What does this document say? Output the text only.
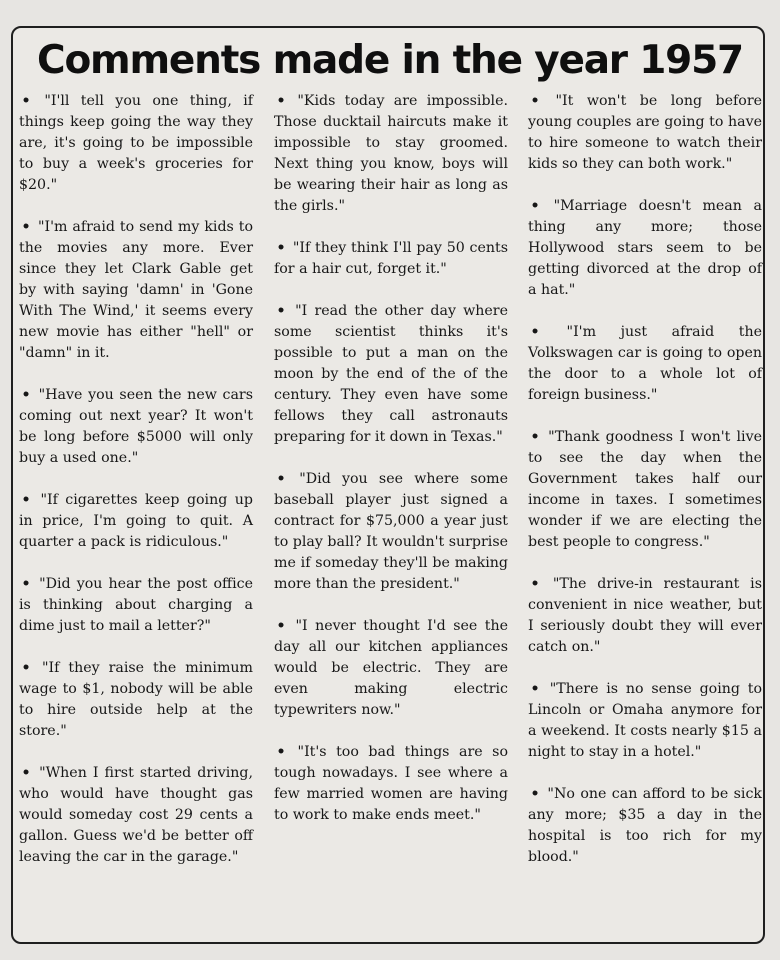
Comments made in the year 1957

• "I'll tell you one thing, if things keep going the way they are, it's going to be impossible to buy a week's groceries for $20."

• "I'm afraid to send my kids to the movies any more. Ever since they let Clark Gable get by with saying 'damn' in 'Gone With The Wind,' it seems every new movie has either "hell" or "damn" in it.

• "Have you seen the new cars coming out next year? It won't be long before $5000 will only buy a used one."

• "If cigarettes keep going up in price, I'm going to quit. A quarter a pack is ridiculous."

• "Did you hear the post office is thinking about charging a dime just to mail a letter?"

• "If they raise the minimum wage to $1, nobody will be able to hire outside help at the store."

• "When I first started driving, who would have thought gas would someday cost 29 cents a gallon. Guess we'd be better off leaving the car in the garage."

• "Kids today are impossible. Those ducktail haircuts make it impossible to stay groomed. Next thing you know, boys will be wearing their hair as long as the girls."

• "If they think I'll pay 50 cents for a hair cut, forget it."

• "I read the other day where some scientist thinks it's possible to put a man on the moon by the end of the of the century. They even have some fellows they call astronauts preparing for it down in Texas."

• "Did you see where some baseball player just signed a contract for $75,000 a year just to play ball? It wouldn't surprise me if someday they'll be making more than the president."

• "I never thought I'd see the day all our kitchen appliances would be electric. They are even making electric typewriters now."

• "It's too bad things are so tough nowadays. I see where a few married women are having to work to make ends meet."

• "It won't be long before young couples are going to have to hire someone to watch their kids so they can both work."

• "Marriage doesn't mean a thing any more; those Hollywood stars seem to be getting divorced at the drop of a hat."

• "I'm just afraid the Volkswagen car is going to open the door to a whole lot of foreign business."

• "Thank goodness I won't live to see the day when the Government takes half our income in taxes. I sometimes wonder if we are electing the best people to congress."

• "The drive-in restaurant is convenient in nice weather, but I seriously doubt they will ever catch on."

• "There is no sense going to Lincoln or Omaha anymore for a weekend. It costs nearly $15 a night to stay in a hotel."

• "No one can afford to be sick any more; $35 a day in the hospital is too rich for my blood."
